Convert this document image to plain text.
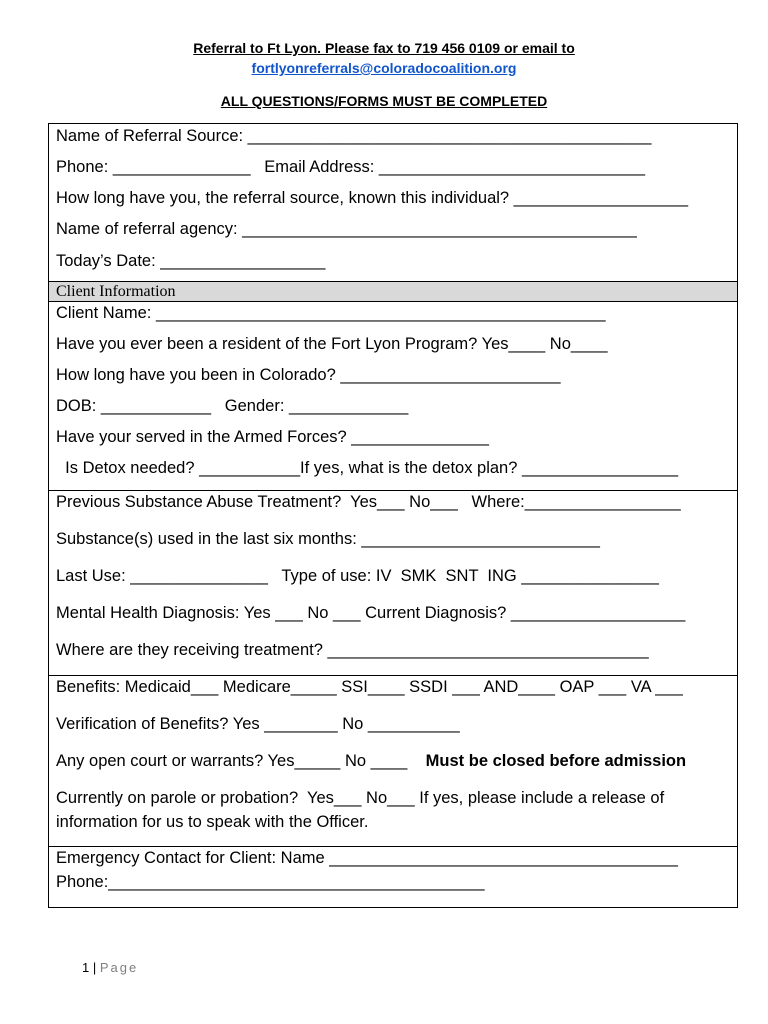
Referral to Ft Lyon. Please fax to 719 456 0109 or email to
fortlyonreferrals@coloradocoalition.org
ALL QUESTIONS/FORMS MUST BE COMPLETED
Name of Referral Source: ____________________________________________
Phone: _______________   Email Address: _____________________________
How long have you, the referral source, known this individual? ___________________
Name of referral agency: ___________________________________________
Today’s Date: __________________
Client Information
Client Name: _________________________________________________
Have you ever been a resident of the Fort Lyon Program? Yes____ No____
How long have you been in Colorado? ________________________
DOB: ____________   Gender: _____________
Have your served in the Armed Forces? _______________
Is Detox needed? ___________If yes, what is the detox plan? _________________
Previous Substance Abuse Treatment?  Yes___ No___   Where:_________________
Substance(s) used in the last six months: __________________________
Last Use: _______________   Type of use: IV  SMK  SNT  ING _______________
Mental Health Diagnosis: Yes ___ No ___ Current Diagnosis? ___________________
Where are they receiving treatment? ___________________________________
Benefits: Medicaid___ Medicare_____ SSI____ SSDI ___ AND____ OAP ___ VA ___
Verification of Benefits? Yes ________ No __________
Any open court or warrants? Yes_____ No ____ Must be closed before admission
Currently on parole or probation?  Yes___ No___ If yes, please include a release of
information for us to speak with the Officer.
Emergency Contact for Client: Name ______________________________________
Phone:_________________________________________
1 | Page
